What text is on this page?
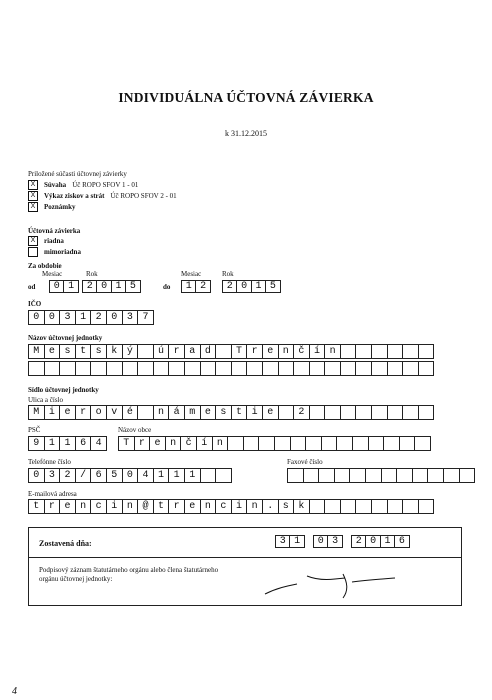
INDIVIDUÁLNA ÚČTOVNÁ ZÁVIERKA
k 31.12.2015
Priložené súčasti účtovnej závierky
X	Súvaha Úč ROPO SFOV 1 - 01
X	Výkaz ziskov a strát Úč ROPO SFOV 2 - 01
X	Poznámky
Účtovná závierka
X	riadna
mimoriadna
Za obdobie
Mesiac	Rok	Mesiac	Rok
od	do
0 1	2 0 1 5	1 2	2 0 1 5
IČO
0 0 3 1 2 0 3 7
Názov účtovnej jednotky
M e s t s k ý	ú r a d	T r e n č í n
Sídlo účtovnej jednotky
Ulica a číslo
M i e r o v é	n á m e s t i e	2
PSČ	Názov obce
9 1 1 6 4	T r e n č í n
Telefónne číslo	Faxové číslo
0 3 2 / 6 5 0 4 1 1 1
E-mailová adresa
t r e n c i n @ t r e n c i n . s k
Zostavená dňa:	3 1	0 3	2 0 1 6
Podpisový záznam štatutárneho orgánu alebo člena štatutárneho orgánu účtovnej jednotky:
4
